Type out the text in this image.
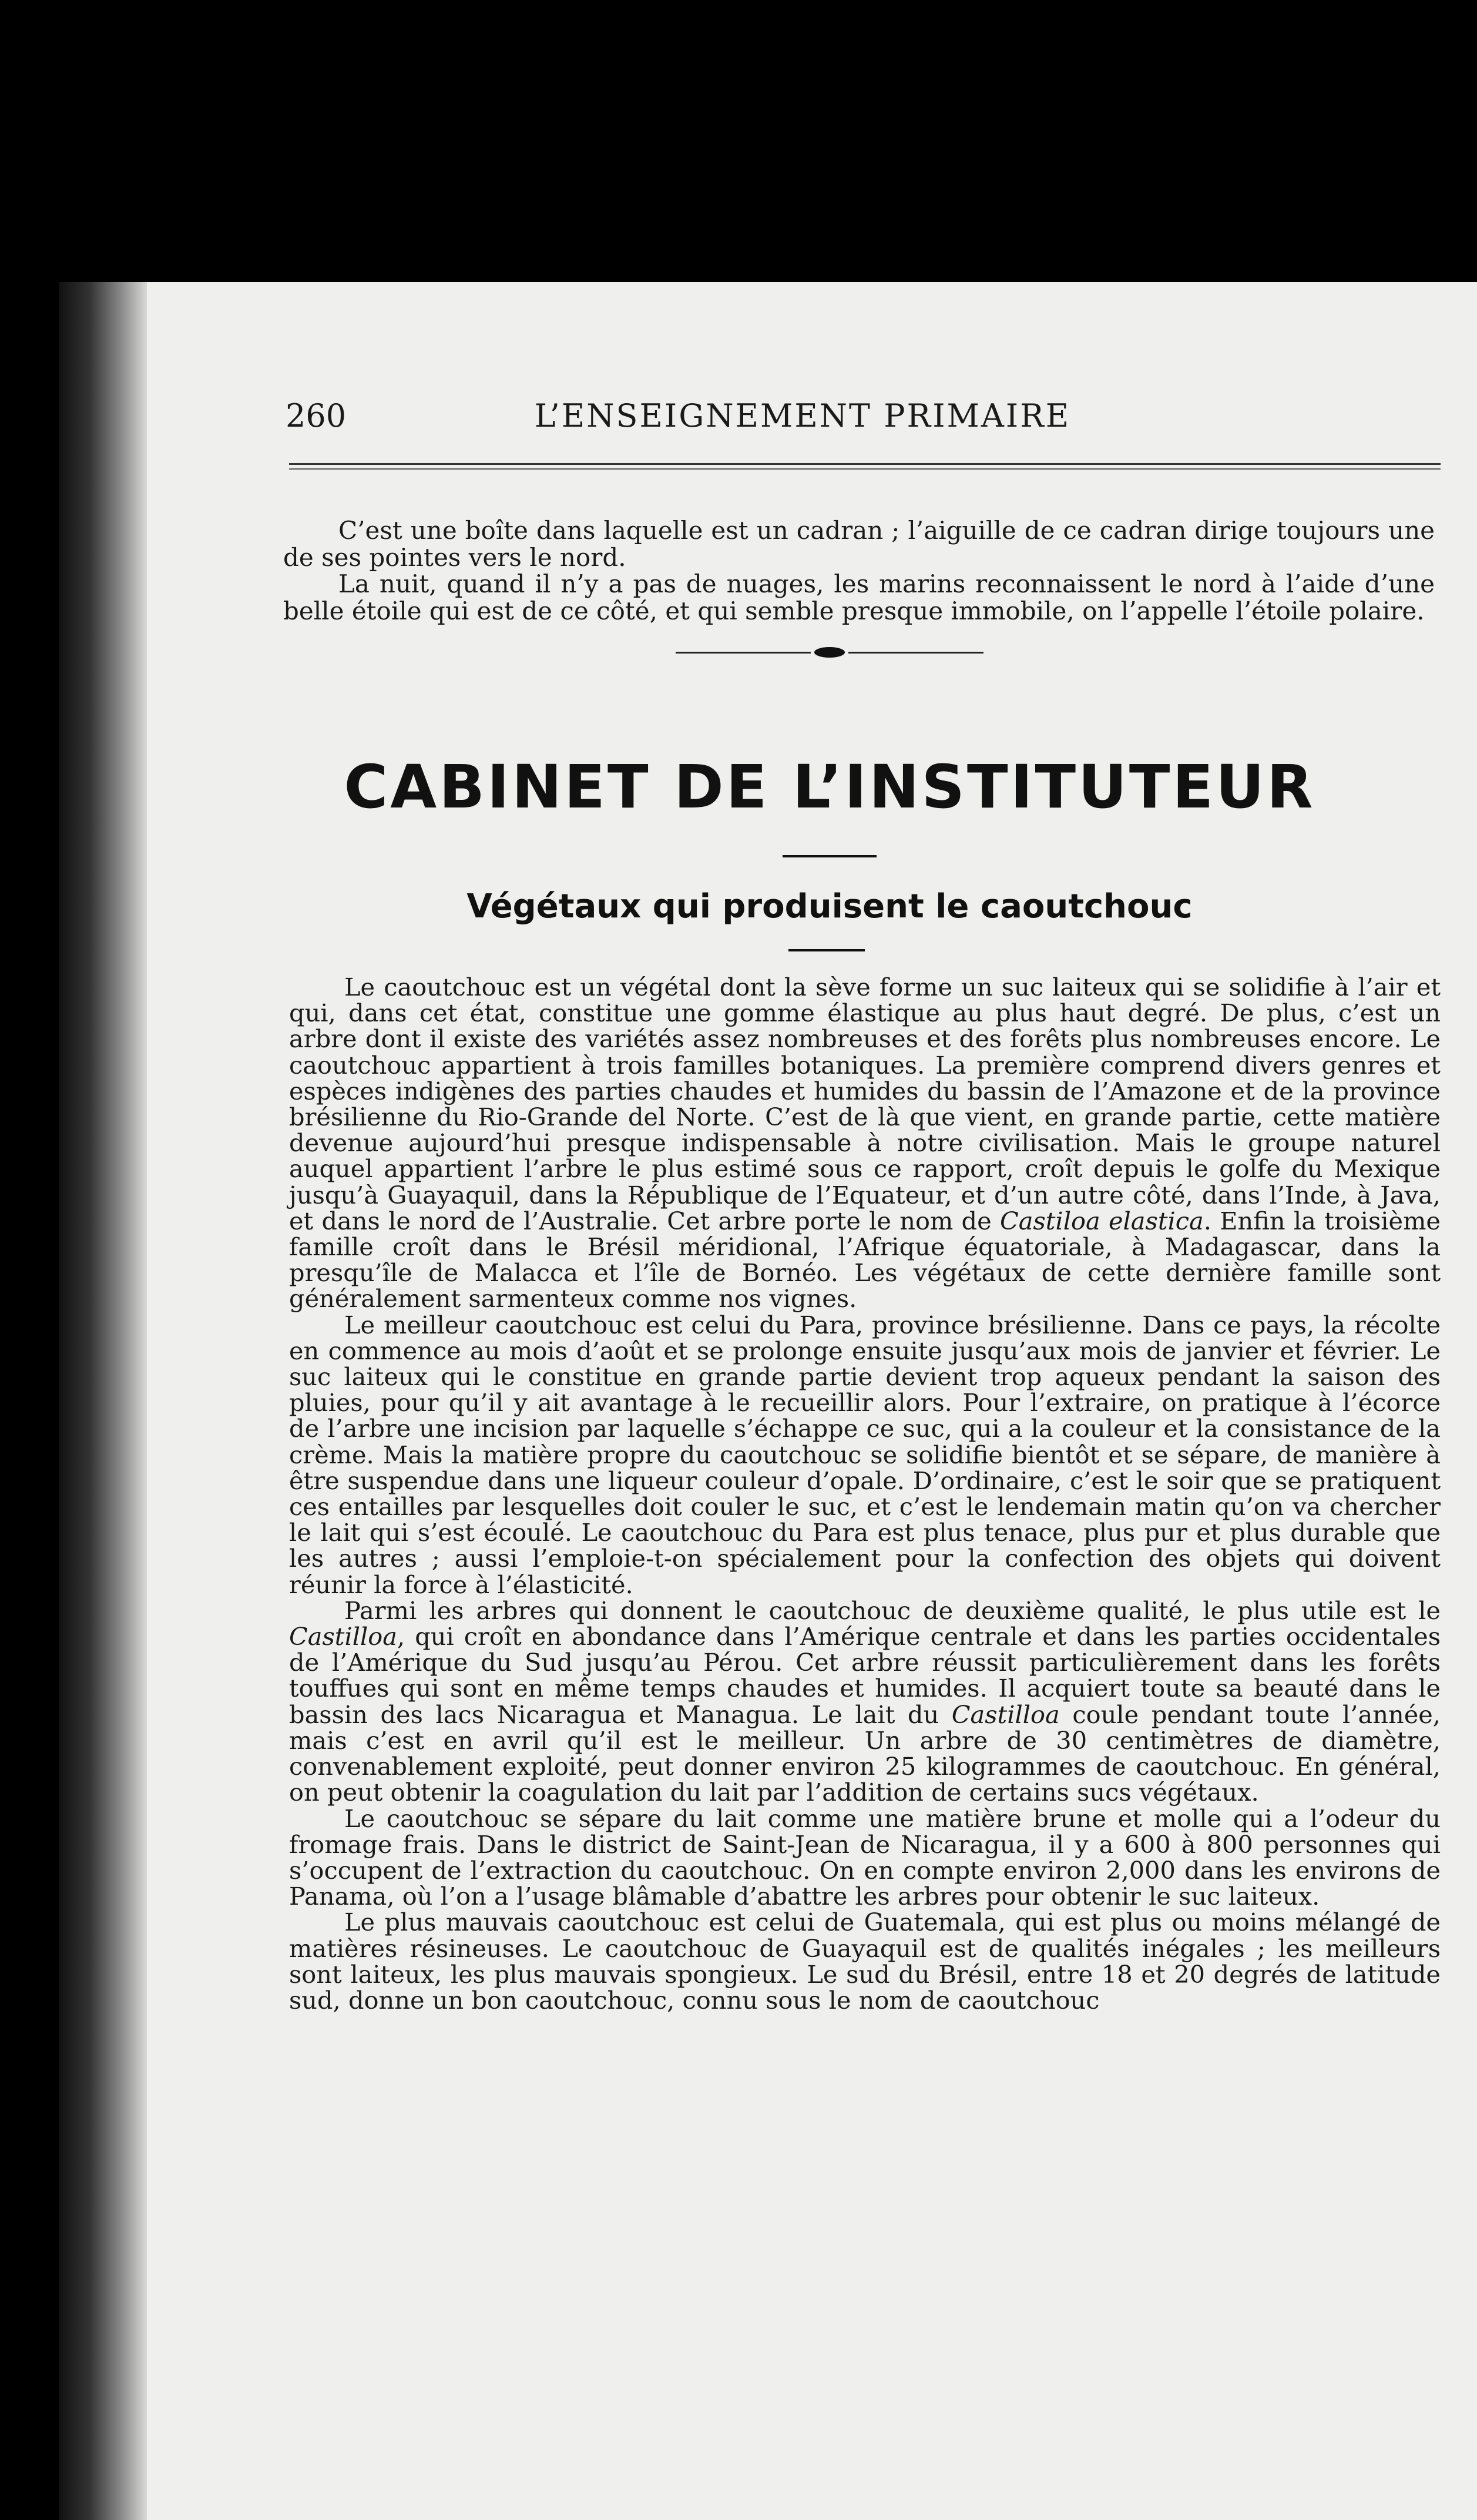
260	L’ENSEIGNEMENT PRIMAIRE

C’est une boîte dans laquelle est un cadran ; l’aiguille de ce cadran dirige toujours une de ses pointes vers le nord.

La nuit, quand il n’y a pas de nuages, les marins reconnaissent le nord à l’aide d’une belle étoile qui est de ce côté, et qui semble presque immobile, on l’appelle l’étoile polaire.

CABINET DE L’INSTITUTEUR
Végétaux qui produisent le caoutchouc

Le caoutchouc est un végétal dont la sève forme un suc laiteux qui se solidifie à l’air et qui, dans cet état, constitue une gomme élastique au plus haut degré. De plus, c’est un arbre dont il existe des variétés assez nombreuses et des forêts plus nombreuses encore. Le caoutchouc appartient à trois familles botaniques. La première comprend divers genres et espèces indigènes des parties chaudes et humides du bassin de l’Amazone et de la province brésilienne du Rio-Grande del Norte. C’est de là que vient, en grande partie, cette matière devenue aujourd’hui presque indispensable à notre civilisation. Mais le groupe naturel auquel appartient l’arbre le plus estimé sous ce rapport, croît depuis le golfe du Mexique jusqu’à Guayaquil, dans la République de l’Equateur, et d’un autre côté, dans l’Inde, à Java, et dans le nord de l’Australie. Cet arbre porte le nom de Castiloa elastica. Enfin la troisième famille croît dans le Brésil méridional, l’Afrique équatoriale, à Madagascar, dans la presqu’île de Malacca et l’île de Bornéo. Les végétaux de cette dernière famille sont généralement sarmenteux comme nos vignes.

Le meilleur caoutchouc est celui du Para, province brésilienne. Dans ce pays, la récolte en commence au mois d’août et se prolonge ensuite jusqu’aux mois de janvier et février. Le suc laiteux qui le constitue en grande partie devient trop aqueux pendant la saison des pluies, pour qu’il y ait avantage à le recueillir alors. Pour l’extraire, on pratique à l’écorce de l’arbre une incision par laquelle s’échappe ce suc, qui a la couleur et la consistance de la crème. Mais la matière propre du caoutchouc se solidifie bientôt et se sépare, de manière à être suspendue dans une liqueur couleur d’opale. D’ordinaire, c’est le soir que se pratiquent ces entailles par lesquelles doit couler le suc, et c’est le lendemain matin qu’on va chercher le lait qui s’est écoulé. Le caoutchouc du Para est plus tenace, plus pur et plus durable que les autres ; aussi l’emploie-t-on spécialement pour la confection des objets qui doivent réunir la force à l’élasticité.

Parmi les arbres qui donnent le caoutchouc de deuxième qualité, le plus utile est le Castilloa, qui croît en abondance dans l’Amérique centrale et dans les parties occidentales de l’Amérique du Sud jusqu’au Pérou. Cet arbre réussit particulièrement dans les forêts touffues qui sont en même temps chaudes et humides. Il acquiert toute sa beauté dans le bassin des lacs Nicaragua et Managua. Le lait du Castilloa coule pendant toute l’année, mais c’est en avril qu’il est le meilleur. Un arbre de 30 centimètres de diamètre, convenablement exploité, peut donner environ 25 kilogrammes de caoutchouc. En général, on peut obtenir la coagulation du lait par l’addition de certains sucs végétaux.

Le caoutchouc se sépare du lait comme une matière brune et molle qui a l’odeur du fromage frais. Dans le district de Saint-Jean de Nicaragua, il y a 600 à 800 personnes qui s’occupent de l’extraction du caoutchouc. On en compte environ 2,000 dans les environs de Panama, où l’on a l’usage blâmable d’abattre les arbres pour obtenir le suc laiteux.

Le plus mauvais caoutchouc est celui de Guatemala, qui est plus ou moins mélangé de matières résineuses. Le caoutchouc de Guayaquil est de qualités inégales ; les meilleurs sont laiteux, les plus mauvais spongieux. Le sud du Brésil, entre 18 et 20 degrés de latitude sud, donne un bon caoutchouc, connu sous le nom de caoutchouc
